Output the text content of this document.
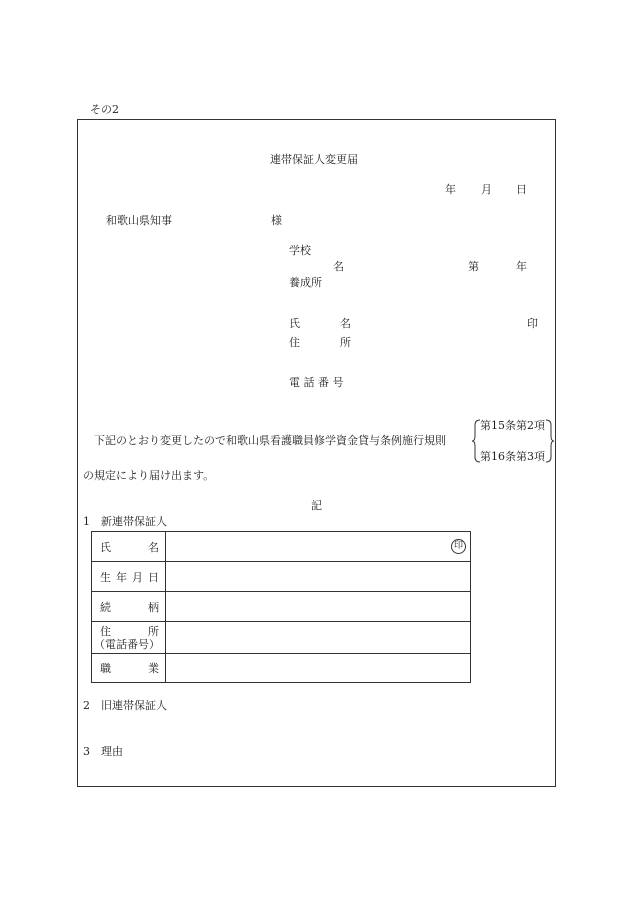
その2
連帯保証人変更届
年 月 日
和歌山県知事	様
学校
名
養成所
第	年
氏	名	印
住	所
電 話 番 号
下記のとおり変更したので和歌山県看護職員修学資金貸与条例施行規則
第15条第2項
第16条第3項
の規定により届け出ます。
記
1　新連帯保証人
氏 名	印

生 年 月 日	

続 柄	

住 所
（電話番号）	

職 業	

2　旧連帯保証人
3　理由
